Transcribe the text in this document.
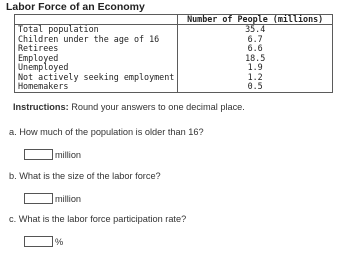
Labor Force of an Economy
	Number of People (millions)
Total population	35.4
Children under the age of 16	6.7
Retirees	6.6
Employed	18.5
Unemployed	1.9
Not actively seeking employment	1.2
Homemakers	0.5
Instructions: Round your answers to one decimal place.
a. How much of the population is older than 16?
million
b. What is the size of the labor force?
million
c. What is the labor force participation rate?
%
